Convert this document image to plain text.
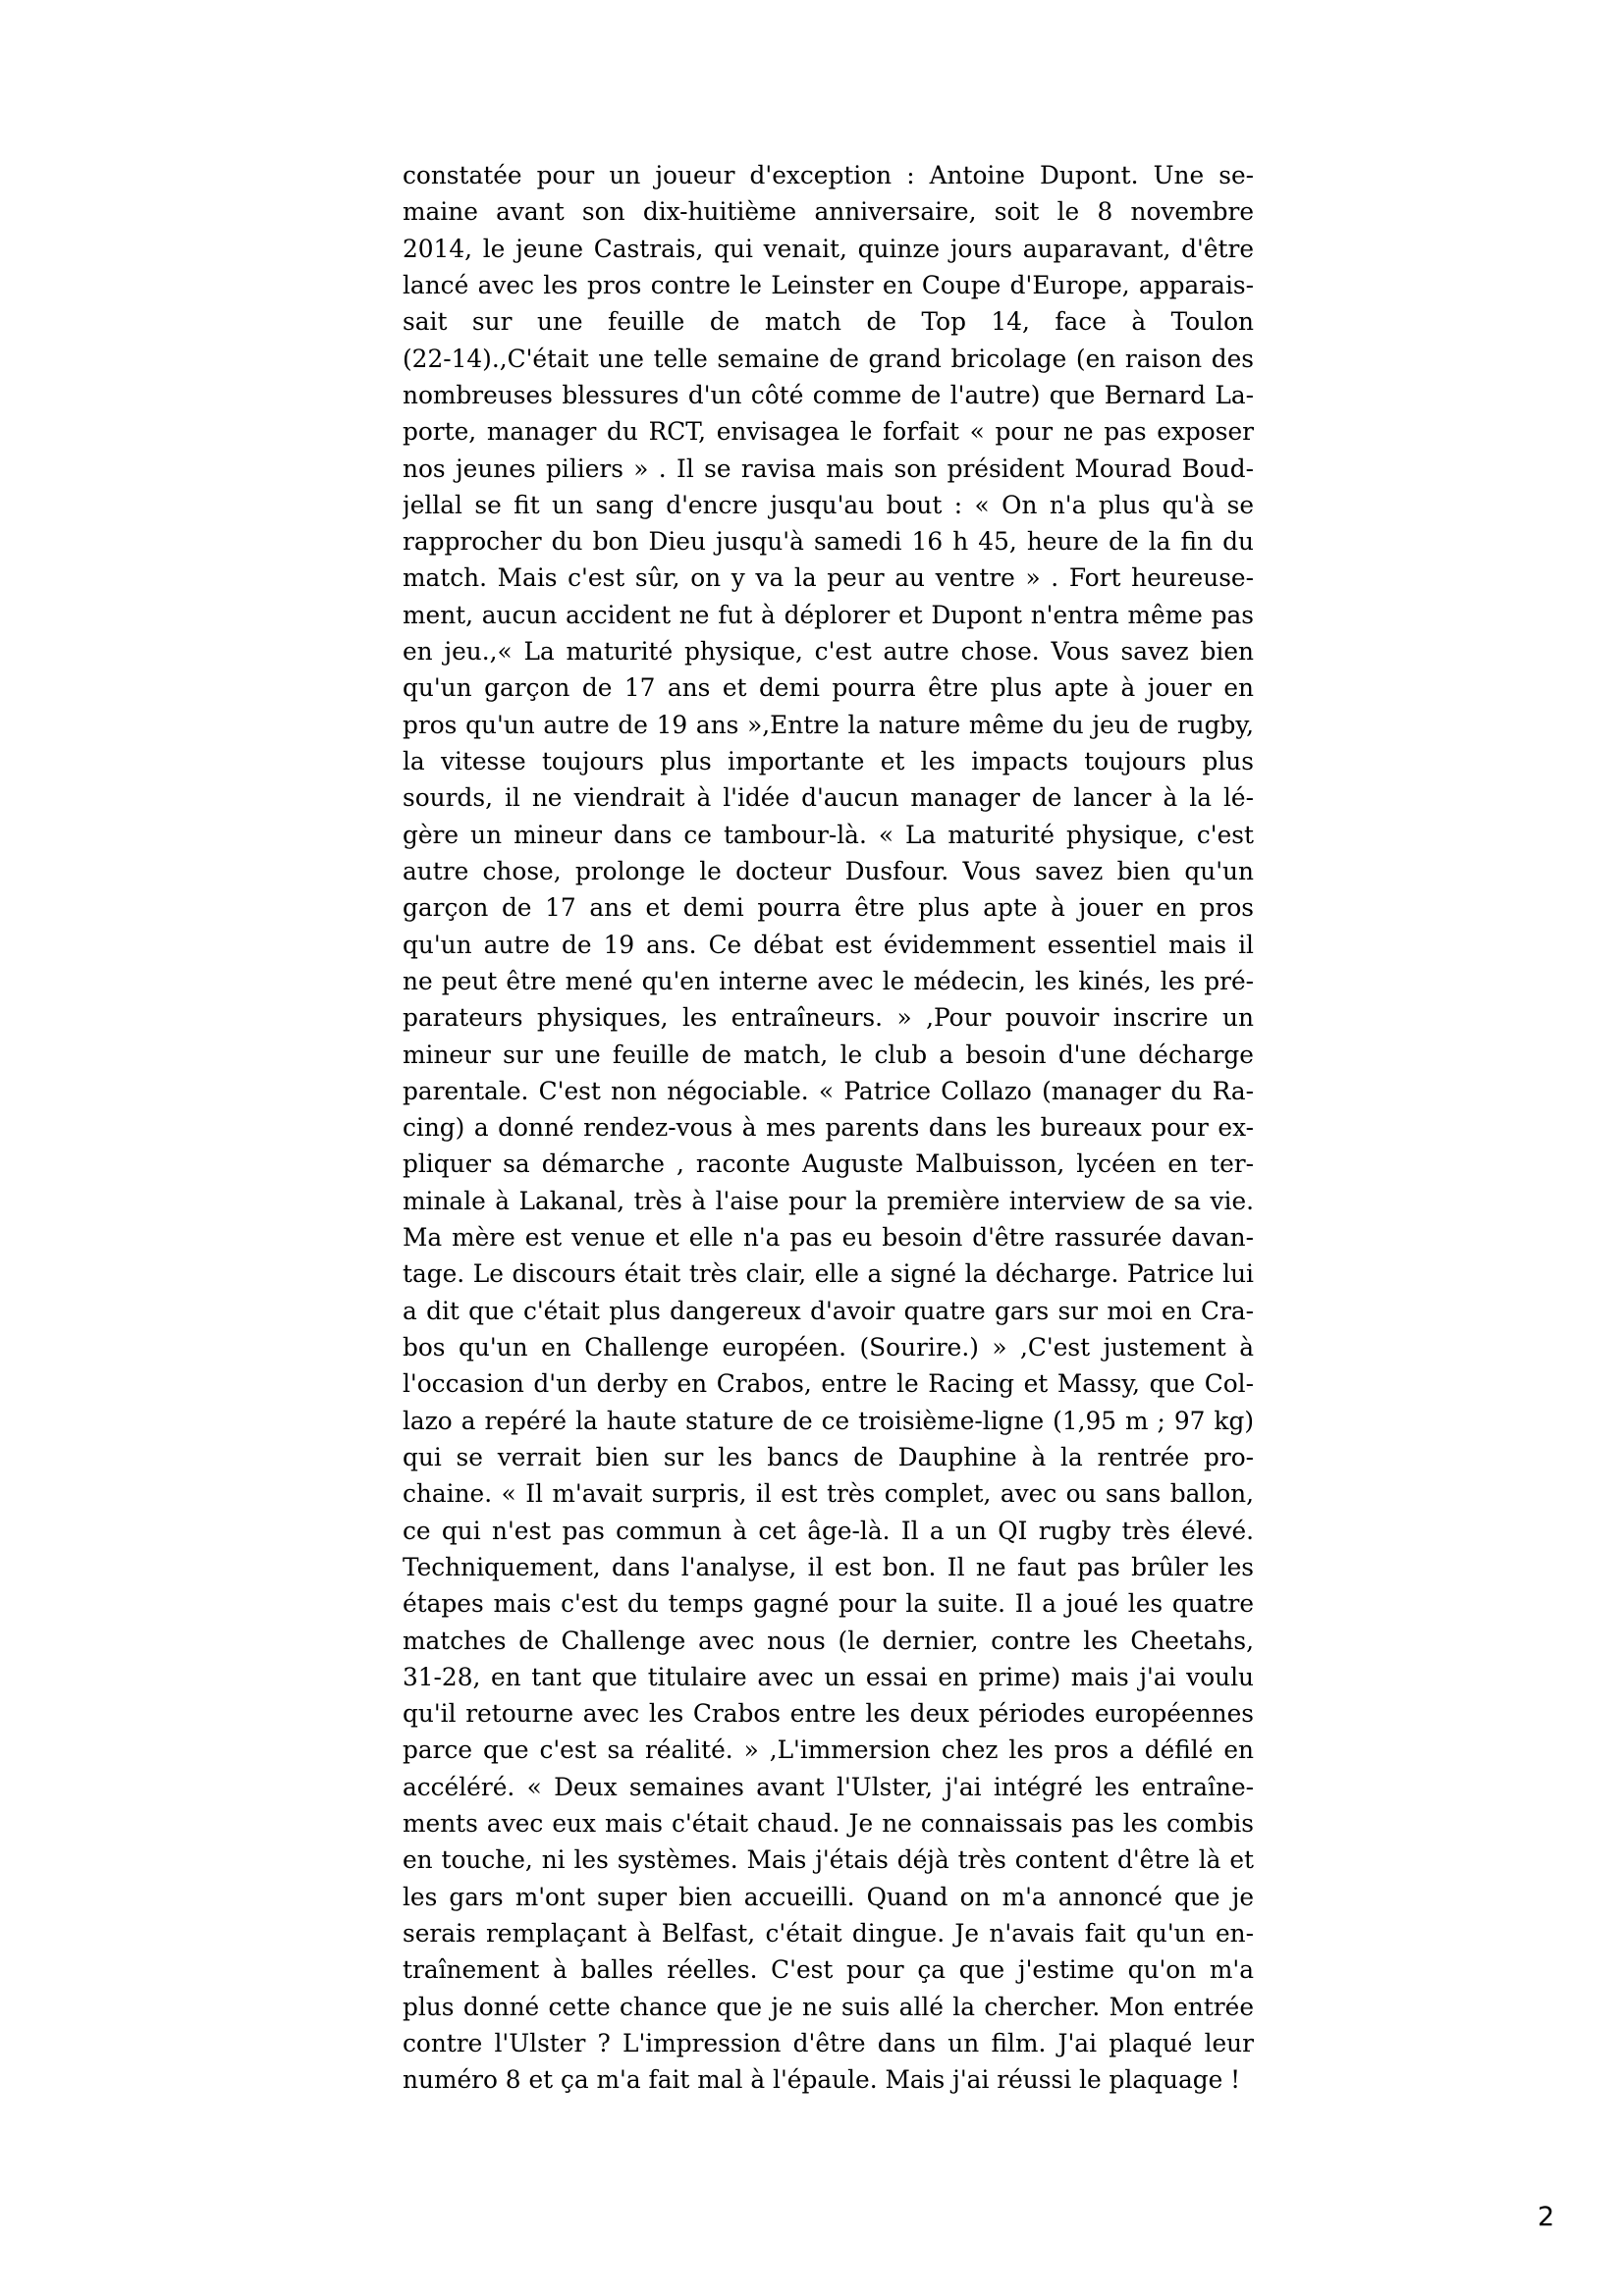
constatée pour un joueur d'exception : Antoine Dupont. Une se-
maine avant son dix-huitième anniversaire, soit le 8 novembre
2014, le jeune Castrais, qui venait, quinze jours auparavant, d'être
lancé avec les pros contre le Leinster en Coupe d'Europe, apparais-
sait sur une feuille de match de Top 14, face à Toulon
(22-14).,C'était une telle semaine de grand bricolage (en raison des
nombreuses blessures d'un côté comme de l'autre) que Bernard La-
porte, manager du RCT, envisagea le forfait « pour ne pas exposer
nos jeunes piliers » . Il se ravisa mais son président Mourad Boud-
jellal se fit un sang d'encre jusqu'au bout : « On n'a plus qu'à se
rapprocher du bon Dieu jusqu'à samedi 16 h 45, heure de la fin du
match. Mais c'est sûr, on y va la peur au ventre » . Fort heureuse-
ment, aucun accident ne fut à déplorer et Dupont n'entra même pas
en jeu.,« La maturité physique, c'est autre chose. Vous savez bien
qu'un garçon de 17 ans et demi pourra être plus apte à jouer en
pros qu'un autre de 19 ans »,Entre la nature même du jeu de rugby,
la vitesse toujours plus importante et les impacts toujours plus
sourds, il ne viendrait à l'idée d'aucun manager de lancer à la lé-
gère un mineur dans ce tambour-là. « La maturité physique, c'est
autre chose, prolonge le docteur Dusfour. Vous savez bien qu'un
garçon de 17 ans et demi pourra être plus apte à jouer en pros
qu'un autre de 19 ans. Ce débat est évidemment essentiel mais il
ne peut être mené qu'en interne avec le médecin, les kinés, les pré-
parateurs physiques, les entraîneurs. » ,Pour pouvoir inscrire un
mineur sur une feuille de match, le club a besoin d'une décharge
parentale. C'est non négociable. « Patrice Collazo (manager du Ra-
cing) a donné rendez-vous à mes parents dans les bureaux pour ex-
pliquer sa démarche , raconte Auguste Malbuisson, lycéen en ter-
minale à Lakanal, très à l'aise pour la première interview de sa vie.
Ma mère est venue et elle n'a pas eu besoin d'être rassurée davan-
tage. Le discours était très clair, elle a signé la décharge. Patrice lui
a dit que c'était plus dangereux d'avoir quatre gars sur moi en Cra-
bos qu'un en Challenge européen. (Sourire.) » ,C'est justement à
l'occasion d'un derby en Crabos, entre le Racing et Massy, que Col-
lazo a repéré la haute stature de ce troisième-ligne (1,95 m ; 97 kg)
qui se verrait bien sur les bancs de Dauphine à la rentrée pro-
chaine. « Il m'avait surpris, il est très complet, avec ou sans ballon,
ce qui n'est pas commun à cet âge-là. Il a un QI rugby très élevé.
Techniquement, dans l'analyse, il est bon. Il ne faut pas brûler les
étapes mais c'est du temps gagné pour la suite. Il a joué les quatre
matches de Challenge avec nous (le dernier, contre les Cheetahs,
31-28, en tant que titulaire avec un essai en prime) mais j'ai voulu
qu'il retourne avec les Crabos entre les deux périodes européennes
parce que c'est sa réalité. » ,L'immersion chez les pros a défilé en
accéléré. « Deux semaines avant l'Ulster, j'ai intégré les entraîne-
ments avec eux mais c'était chaud. Je ne connaissais pas les combis
en touche, ni les systèmes. Mais j'étais déjà très content d'être là et
les gars m'ont super bien accueilli. Quand on m'a annoncé que je
serais remplaçant à Belfast, c'était dingue. Je n'avais fait qu'un en-
traînement à balles réelles. C'est pour ça que j'estime qu'on m'a
plus donné cette chance que je ne suis allé la chercher. Mon entrée
contre l'Ulster ? L'impression d'être dans un film. J'ai plaqué leur
numéro 8 et ça m'a fait mal à l'épaule. Mais j'ai réussi le plaquage !
2
